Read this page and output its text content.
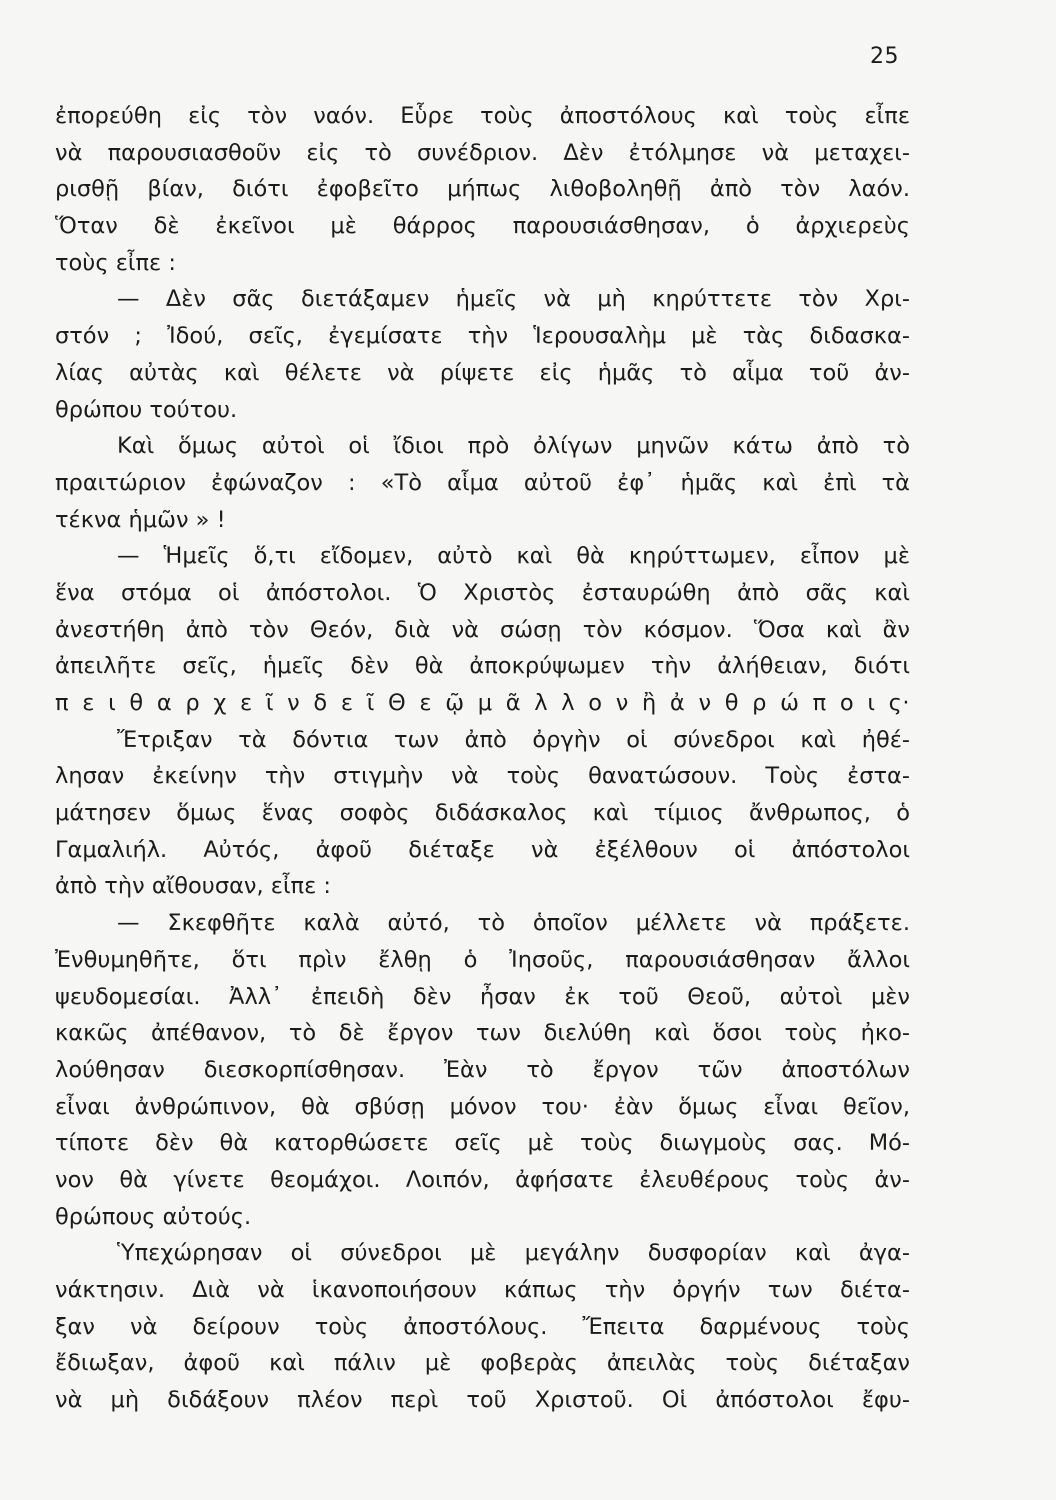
25
ἐπορεύθη εἰς τὸν ναόν. Εὗρε τοὺς ἀποστόλους καὶ τοὺς εἶπε
νὰ παρουσιασθοῦν εἰς τὸ συνέδριον. Δὲν ἐτόλμησε νὰ μεταχει-
ρισθῇ βίαν, διότι ἐφοβεῖτο μήπως λιθοβοληθῇ ἀπὸ τὸν λαόν.
Ὅταν δὲ ἐκεῖνοι μὲ θάρρος παρουσιάσθησαν, ὁ ἀρχιερεὺς
τοὺς εἶπε :
— Δὲν σᾶς διετάξαμεν ἡμεῖς νὰ μὴ κηρύττετε τὸν Χρι-
στόν ; Ἰδού, σεῖς, ἐγεμίσατε τὴν Ἱερουσαλὴμ μὲ τὰς διδασκα-
λίας αὐτὰς καὶ θέλετε νὰ ρίψετε εἰς ἡμᾶς τὸ αἷμα τοῦ ἀν-
θρώπου τούτου.
Καὶ ὅμως αὐτοὶ οἱ ἴδιοι πρὸ ὀλίγων μηνῶν κάτω ἀπὸ τὸ
πραιτώριον ἐφώναζον : «Τὸ αἷμα αὐτοῦ ἐφ᾽ ἡμᾶς καὶ ἐπὶ τὰ
τέκνα ἡμῶν » !
— Ἡμεῖς ὅ,τι εἴδομεν, αὐτὸ καὶ θὰ κηρύττωμεν, εἶπον μὲ
ἕνα στόμα οἱ ἀπόστολοι. Ὁ Χριστὸς ἐσταυρώθη ἀπὸ σᾶς καὶ
ἀνεστήθη ἀπὸ τὸν Θεόν, διὰ νὰ σώσῃ τὸν κόσμον. Ὅσα καὶ ἂν
ἀπειλῆτε σεῖς, ἡμεῖς δὲν θὰ ἀποκρύψωμεν τὴν ἀλήθειαν, διότι
π ε ι θ α ρ χ ε ῖ ν δ ε ῖ Θ ε ῷ μ ᾶ λ λ ο ν ἢ ἀ ν θ ρ ώ π ο ι ς·
Ἔτριξαν τὰ δόντια των ἀπὸ ὀργὴν οἱ σύνεδροι καὶ ἠθέ-
λησαν ἐκείνην τὴν στιγμὴν νὰ τοὺς θανατώσουν. Τοὺς ἐστα-
μάτησεν ὅμως ἕνας σοφὸς διδάσκαλος καὶ τίμιος ἄνθρωπος, ὁ
Γαμαλιήλ. Αὐτός, ἀφοῦ διέταξε νὰ ἐξέλθουν οἱ ἀπόστολοι
ἀπὸ τὴν αἴθουσαν, εἶπε :
— Σκεφθῆτε καλὰ αὐτό, τὸ ὁποῖον μέλλετε νὰ πράξετε.
Ἐνθυμηθῆτε, ὅτι πρὶν ἔλθῃ ὁ Ἰησοῦς, παρουσιάσθησαν ἄλλοι
ψευδομεσίαι. Ἀλλ᾽ ἐπειδὴ δὲν ἦσαν ἐκ τοῦ Θεοῦ, αὐτοὶ μὲν
κακῶς ἀπέθανον, τὸ δὲ ἔργον των διελύθη καὶ ὅσοι τοὺς ἠκο-
λούθησαν διεσκορπίσθησαν. Ἐὰν τὸ ἔργον τῶν ἀποστόλων
εἶναι ἀνθρώπινον, θὰ σβύσῃ μόνον του· ἐὰν ὅμως εἶναι θεῖον,
τίποτε δὲν θὰ κατορθώσετε σεῖς μὲ τοὺς διωγμοὺς σας. Μό-
νον θὰ γίνετε θεομάχοι. Λοιπόν, ἀφήσατε ἐλευθέρους τοὺς ἀν-
θρώπους αὐτούς.
Ὑπεχώρησαν οἱ σύνεδροι μὲ μεγάλην δυσφορίαν καὶ ἀγα-
νάκτησιν. Διὰ νὰ ἱκανοποιήσουν κάπως τὴν ὀργήν των διέτα-
ξαν νὰ δείρουν τοὺς ἀποστόλους. Ἔπειτα δαρμένους τοὺς
ἔδιωξαν, ἀφοῦ καὶ πάλιν μὲ φοβερὰς ἀπειλὰς τοὺς διέταξαν
νὰ μὴ διδάξουν πλέον περὶ τοῦ Χριστοῦ. Οἱ ἀπόστολοι ἔφυ-
